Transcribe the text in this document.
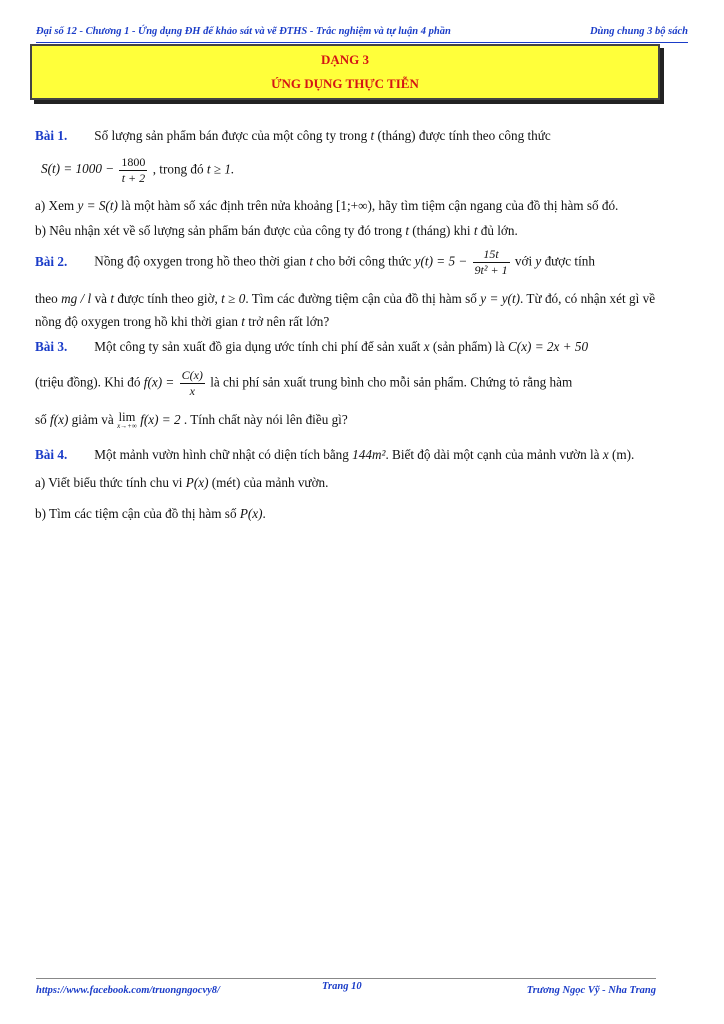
Đại số 12 - Chương 1 - Ứng dụng ĐH để khảo sát và vẽ ĐTHS - Trắc nghiệm và tự luận 4 phần	Dùng chung 3 bộ sách
DẠNG 3
ỨNG DỤNG THỰC TIỄN

Bài 1. Số lượng sản phẩm bán được của một công ty trong t (tháng) được tính theo công thức

$S(t) = 1000 - \frac{1800}{t + 2}$ , trong đó t ≥ 1.

a) Xem y = S(t) là một hàm số xác định trên nửa khoảng [1;+∞), hãy tìm tiệm cận ngang của đồ thị hàm số đó.

b) Nêu nhận xét về số lượng sản phẩm bán được của công ty đó trong t (tháng) khi t đủ lớn.

Bài 2. Nồng độ oxygen trong hồ theo thời gian t cho bởi công thức $y(t) = 5 - \frac{15t}{\text{9t² + 1}}$ với y được tính

theo mg / l và t được tính theo giờ, t ≥ 0. Tìm các đường tiệm cận của đồ thị hàm số y = y(t). Từ đó, có nhận xét gì về nồng độ oxygen trong hồ khi thời gian t trở nên rất lớn?

Bài 3. Một công ty sản xuất đồ gia dụng ước tính chi phí để sản xuất x (sản phẩm) là C(x) = 2x + 50

(triệu đồng). Khi đó $f(x) = \frac{C(x)}{x}$ là chi phí sản xuất trung bình cho mỗi sản phẩm. Chứng tỏ rằng hàm

số f(x) giảm và lim
x→+∞ f(x) = 2 . Tính chất này nói lên điều gì?

Bài 4. Một mảnh vườn hình chữ nhật có diện tích bằng 144m². Biết độ dài một cạnh của mảnh vườn là x (m).

a) Viết biểu thức tính chu vi P(x) (mét) của mảnh vườn.

b) Tìm các tiệm cận của đồ thị hàm số P(x).

https://www.facebook.com/truongngocvy8/	Trang 10	Trương Ngọc Vỹ - Nha Trang
